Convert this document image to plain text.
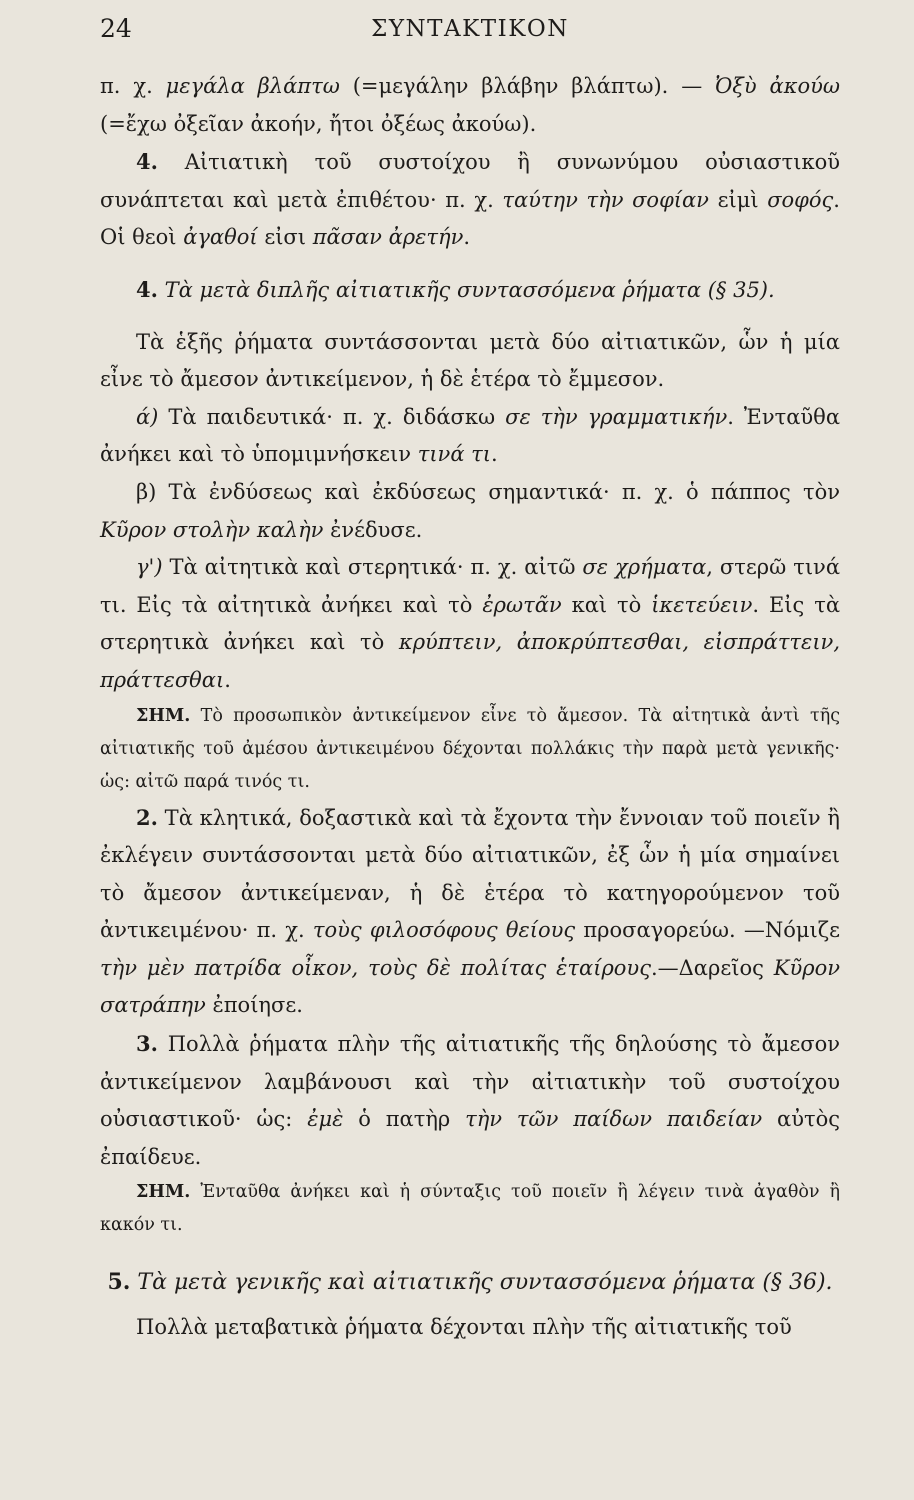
24	ΣΥΝΤΑΚΤΙΚΟΝ

π. χ. μεγάλα βλάπτω (=μεγάλην βλάβην βλάπτω). — Ὀξὺ ἀκούω (=ἔχω ὀξεῖαν ἀκοήν, ἤτοι ὀξέως ἀκούω).

4. Αἰτιατικὴ τοῦ συστοίχου ἢ συνωνύμου οὐσιαστικοῦ συνάπτεται καὶ μετὰ ἐπιθέτου· π. χ. ταύτην τὴν σοφίαν εἰμὶ σοφός. Οἱ θεοὶ ἀγαθοί εἰσι πᾶσαν ἀρετήν.

4. Τὰ μετὰ διπλῆς αἰτιατικῆς συντασσόμενα ῥήματα (§ 35).

Τὰ ἑξῆς ῥήματα συντάσσονται μετὰ δύο αἰτιατικῶν, ὧν ἡ μία εἶνε τὸ ἄμεσον ἀντικείμενον, ἡ δὲ ἑτέρα τὸ ἔμμεσον.

ά) Τὰ παιδευτικά· π. χ. διδάσκω σε τὴν γραμματικήν. Ἐνταῦθα ἀνήκει καὶ τὸ ὑπομιμνήσκειν τινά τι.

β) Τὰ ἐνδύσεως καὶ ἐκδύσεως σημαντικά· π. χ. ὁ πάππος τὸν Κῦρον στολὴν καλὴν ἐνέδυσε.

γ') Τὰ αἰτητικὰ καὶ στερητικά· π. χ. αἰτῶ σε χρήματα, στερῶ τινά τι. Εἰς τὰ αἰτητικὰ ἀνήκει καὶ τὸ ἐρωτᾶν καὶ τὸ ἱκετεύειν. Εἰς τὰ στερητικὰ ἀνήκει καὶ τὸ κρύπτειν, ἀποκρύπτεσθαι, εἰσπράττειν, πράττεσθαι.

ΣΗΜ. Τὸ προσωπικὸν ἀντικείμενον εἶνε τὸ ἄμεσον. Τὰ αἰτητικὰ ἀντὶ τῆς αἰτιατικῆς τοῦ ἀμέσου ἀντικειμένου δέχονται πολλάκις τὴν παρὰ μετὰ γενικῆς· ὡς: αἰτῶ παρά τινός τι.

2. Τὰ κλητικά, δοξαστικὰ καὶ τὰ ἔχοντα τὴν ἔννοιαν τοῦ ποιεῖν ἢ ἐκλέγειν συντάσσονται μετὰ δύο αἰτιατικῶν, ἐξ ὧν ἡ μία σημαίνει τὸ ἄμεσον ἀντικείμεναν, ἡ δὲ ἑτέρα τὸ κατηγορούμενον τοῦ ἀντικειμένου· π. χ. τοὺς φιλοσόφους θείους προσαγορεύω. —Νόμιζε τὴν μὲν πατρίδα οἶκον, τοὺς δὲ πολίτας ἑταίρους.—Δαρεῖος Κῦρον σατράπην ἐποίησε.

3. Πολλὰ ῥήματα πλὴν τῆς αἰτιατικῆς τῆς δηλούσης τὸ ἄμεσον ἀντικείμενον λαμβάνουσι καὶ τὴν αἰτιατικὴν τοῦ συστοίχου οὐσιαστικοῦ· ὡς: ἐμὲ ὁ πατὴρ τὴν τῶν παίδων παιδείαν αὐτὸς ἐπαίδευε.

ΣΗΜ. Ἐνταῦθα ἀνήκει καὶ ἡ σύνταξις τοῦ ποιεῖν ἢ λέγειν τινὰ ἀγαθὸν ἢ κακόν τι.

5. Τὰ μετὰ γενικῆς καὶ αἰτιατικῆς συντασσόμενα ῥήματα (§ 36).

Πολλὰ μεταβατικὰ ῥήματα δέχονται πλὴν τῆς αἰτιατικῆς τοῦ
